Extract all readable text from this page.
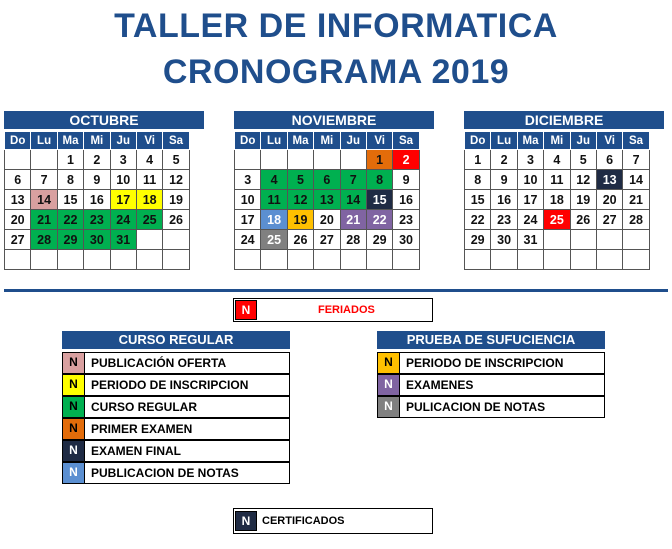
TALLER DE INFORMATICA
CRONOGRAMA 2019
OCTUBRE
Do	Lu	Ma	Mi	Ju	Vi	Sa
		1	2	3	4	5
6	7	8	9	10	11	12
13	14	15	16	17	18	19
20	21	22	23	24	25	26
27	28	29	30	31		

NOVIEMBRE
Do	Lu	Ma	Mi	Ju	Vi	Sa
					1	2
3	4	5	6	7	8	9
10	11	12	13	14	15	16
17	18	19	20	21	22	23
24	25	26	27	28	29	30

DICIEMBRE
Do	Lu	Ma	Mi	Ju	Vi	Sa
1	2	3	4	5	6	7
8	9	10	11	12	13	14
15	16	17	18	19	20	21
22	23	24	25	26	27	28
29	30	31				

N	FERIADOS
CURSO REGULAR
N	PUBLICACIÓN OFERTA
N	PERIODO DE INSCRIPCION
N	CURSO REGULAR
N	PRIMER EXAMEN
N	EXAMEN FINAL
N	PUBLICACION DE NOTAS
PRUEBA DE SUFUCIENCIA
N	PERIODO DE INSCRIPCION
N	EXAMENES
N	PULICACION DE NOTAS
N	CERTIFICADOS
